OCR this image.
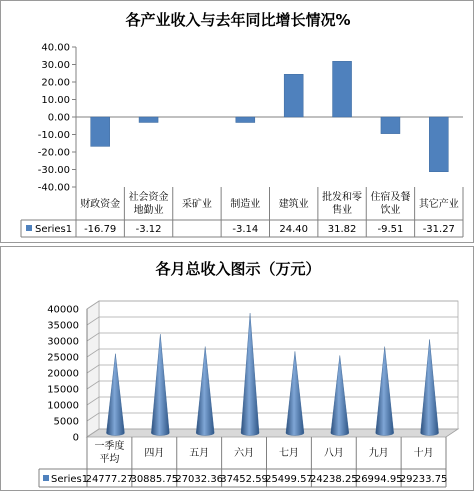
各产业收入与去年同比增长情况%
40.00
30.00
20.00
10.00
0.00
-10.00
-20.00
-30.00
-40.00
财政资金
-16.79
社会资金
地勤业
-3.12
采矿业 制造业
-3.14
建筑业
24.40
批发和零
售业
31.82
住宿及餐
饮业
-9.51
其它产业
-31.27
Series1
各月总收入图示（万元）
40000
35000
30000
25000
20000
15000
10000
5000
0
一季度
平均
24777.27
四月
30885.75
五月
27032.36
六月
37452.59
七月
25499.57
八月
24238.25
九月
26994.95
十月
29233.75
Series1
